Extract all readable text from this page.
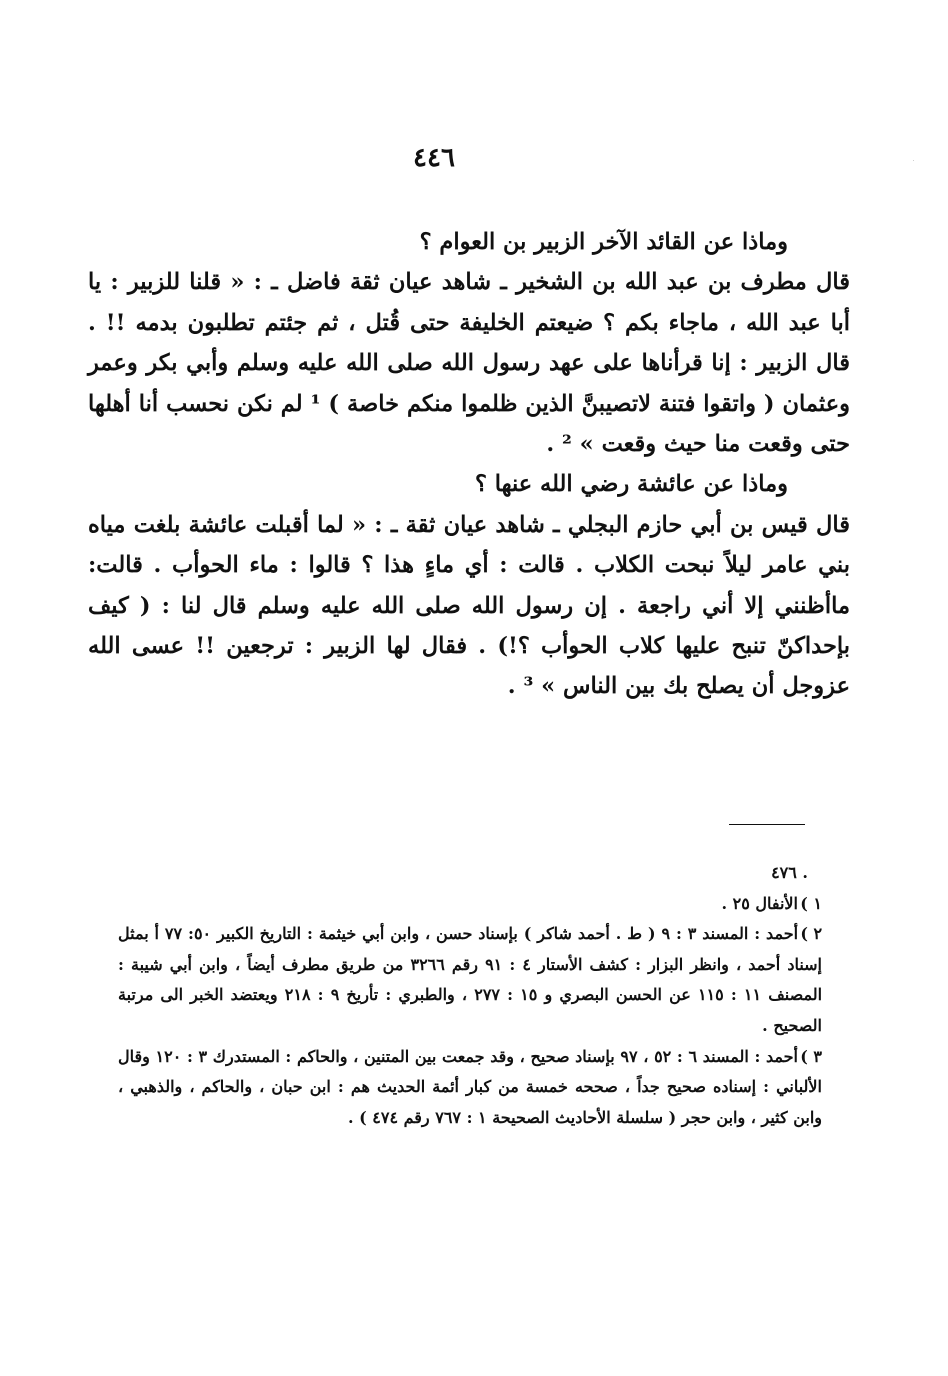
٤٤٦

وماذا عن القائد الآخر الزبير بن العوام ؟

قال مطرف بن عبد الله بن الشخير ـ شاهد عيان ثقة فاضل ـ : « قلنا للزبير : يا أبا عبد الله ، ماجاء بكم ؟ ضيعتم الخليفة حتى قُتل ، ثم جئتم تطلبون بدمه !! . قال الزبير : إنا قرأناها على عهد رسول الله صلى الله عليه وسلم وأبي بكر وعمر وعثمان ( واتقوا فتنة لاتصيبنَّ الذين ظلموا منكم خاصة ) ¹ لم نكن نحسب أنا أهلها حتى وقعت منا حيث وقعت » ² .

وماذا عن عائشة رضي الله عنها ؟

قال قيس بن أبي حازم البجلي ـ شاهد عيان ثقة ـ : « لما أقبلت عائشة بلغت مياه بني عامر ليلاً نبحت الكلاب . قالت : أي ماءٍ هذا ؟ قالوا : ماء الحوأب . قالت: ماأظنني إلا أني راجعة . إن رسول الله صلى الله عليه وسلم قال لنا : ( كيف بإحداكنّ تنبح عليها كلاب الحوأب ؟!) . فقال لها الزبير : ترجعين !! عسى الله عزوجل أن يصلح بك بين الناس » ³ .

. ٤٧٦

١ )الأنفال ٢٥ .

٢ )أحمد : المسند ٣ : ٩ ( ط . أحمد شاكر ) بإسناد حسن ، وابن أبي خيثمة : التاريخ الكبير ٥٠: ٧٧ أ بمثل إسناد أحمد ، وانظر البزار : كشف الأستار ٤ : ٩١ رقم ٣٢٦٦ من طريق مطرف أيضاً ، وابن أبي شيبة : المصنف ١١ : ١١٥ عن الحسن البصري و ١٥ : ٢٧٧ ، والطبري : تأريخ ٩ : ٢١٨ ويعتضد الخبر الى مرتبة الصحيح .

٣ )أحمد : المسند ٦ : ٥٢ ، ٩٧ بإسناد صحيح ، وقد جمعت بين المتنين ، والحاكم : المستدرك ٣ : ١٢٠ وقال الألباني : إسناده صحيح جداً ، صححه خمسة من كبار أئمة الحديث هم : ابن حبان ، والحاكم ، والذهبي ، وابن كثير ، وابن حجر ( سلسلة الأحاديث الصحيحة ١ : ٧٦٧ رقم ٤٧٤ ) .
